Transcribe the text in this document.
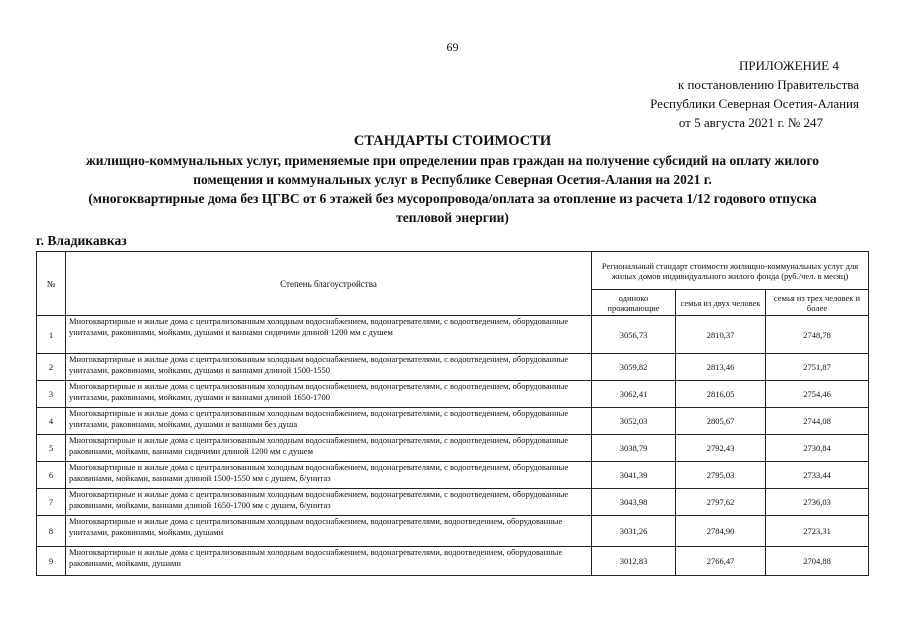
69
ПРИЛОЖЕНИЕ 4
к постановлению Правительства
Республики Северная Осетия-Алания
от 5 августа 2021 г. № 247
СТАНДАРТЫ СТОИМОСТИ
жилищно-коммунальных услуг, применяемые при определении прав граждан на получение субсидий на оплату жилого
помещения и коммунальных услуг в Республике Северная Осетия-Алания на 2021 г.
(многоквартирные дома без ЦГВС от 6 этажей без мусоропровода/оплата за отопление из расчета 1/12 годового отпуска
тепловой энергии)
г. Владикавказ
№	Степень благоустройства	Региональный стандарт стоимости жилищно-коммунальных услуг для жилых домов индивидуального жилого фонда (руб./чел. в месяц)		
		одиноко проживающие	семья из двух человек	семья из трех человек и более
1	Многоквартирные и жилые дома с централизованным холодным водоснабжением, водонагревателями, с водоотведением, оборудованные унитазами, раковинами, мойками, душами и ваннами сидячими длиной 1200 мм с душем	3056,73	2810,37	2748,78
2	Многоквартирные и жилые дома с централизованным холодным водоснабжением, водонагревателями, с водоотведением, оборудованные унитазами, раковинами, мойками, душами и ваннами длиной 1500-1550	3059,82	2813,46	2751,87
3	Многоквартирные и жилые дома с централизованным холодным водоснабжением, водонагревателями, с водоотведением, оборудованные унитазами, раковинами, мойками, душами и ваннами длиной 1650-1700	3062,41	2816,05	2754,46
4	Многоквартирные и жилые дома с централизованным холодным водоснабжением, водонагревателями, с водоотведением, оборудованные унитазами, раковинами, мойками, душами и ваннами без душа	3052,03	2805,67	2744,08
5	Многоквартирные и жилые дома с централизованным холодным водоснабжением, водонагревателями, с водоотведением, оборудованные раковинами, мойками, ваннами сидячими длиной 1200 мм с душем	3038,79	2792,43	2730,84
6	Многоквартирные и жилые дома с централизованным холодным водоснабжением, водонагревателями, с водоотведением, оборудованные раковинами, мойками, ваннами длиной 1500-1550 мм с душем, б/унитаз	3041,39	2795,03	2733,44
7	Многоквартирные и жилые дома с централизованным холодным водоснабжением, водонагревателями, с водоотведением, оборудованные раковинами, мойками, ваннами длиной 1650-1700 мм с душем, б/унитаз	3043,98	2797,62	2736,03
8	Многоквартирные и жилые дома с централизованным холодным водоснабжением, водонагревателями, водоотведением, оборудованные унитазами, раковинами, мойками, душами	3031,26	2784,90	2723,31
9	Многоквартирные и жилые дома с централизованным холодным водоснабжением, водонагревателями, водоотведением, оборудованные раковинами, мойками, душами	3012,83	2766,47	2704,88
